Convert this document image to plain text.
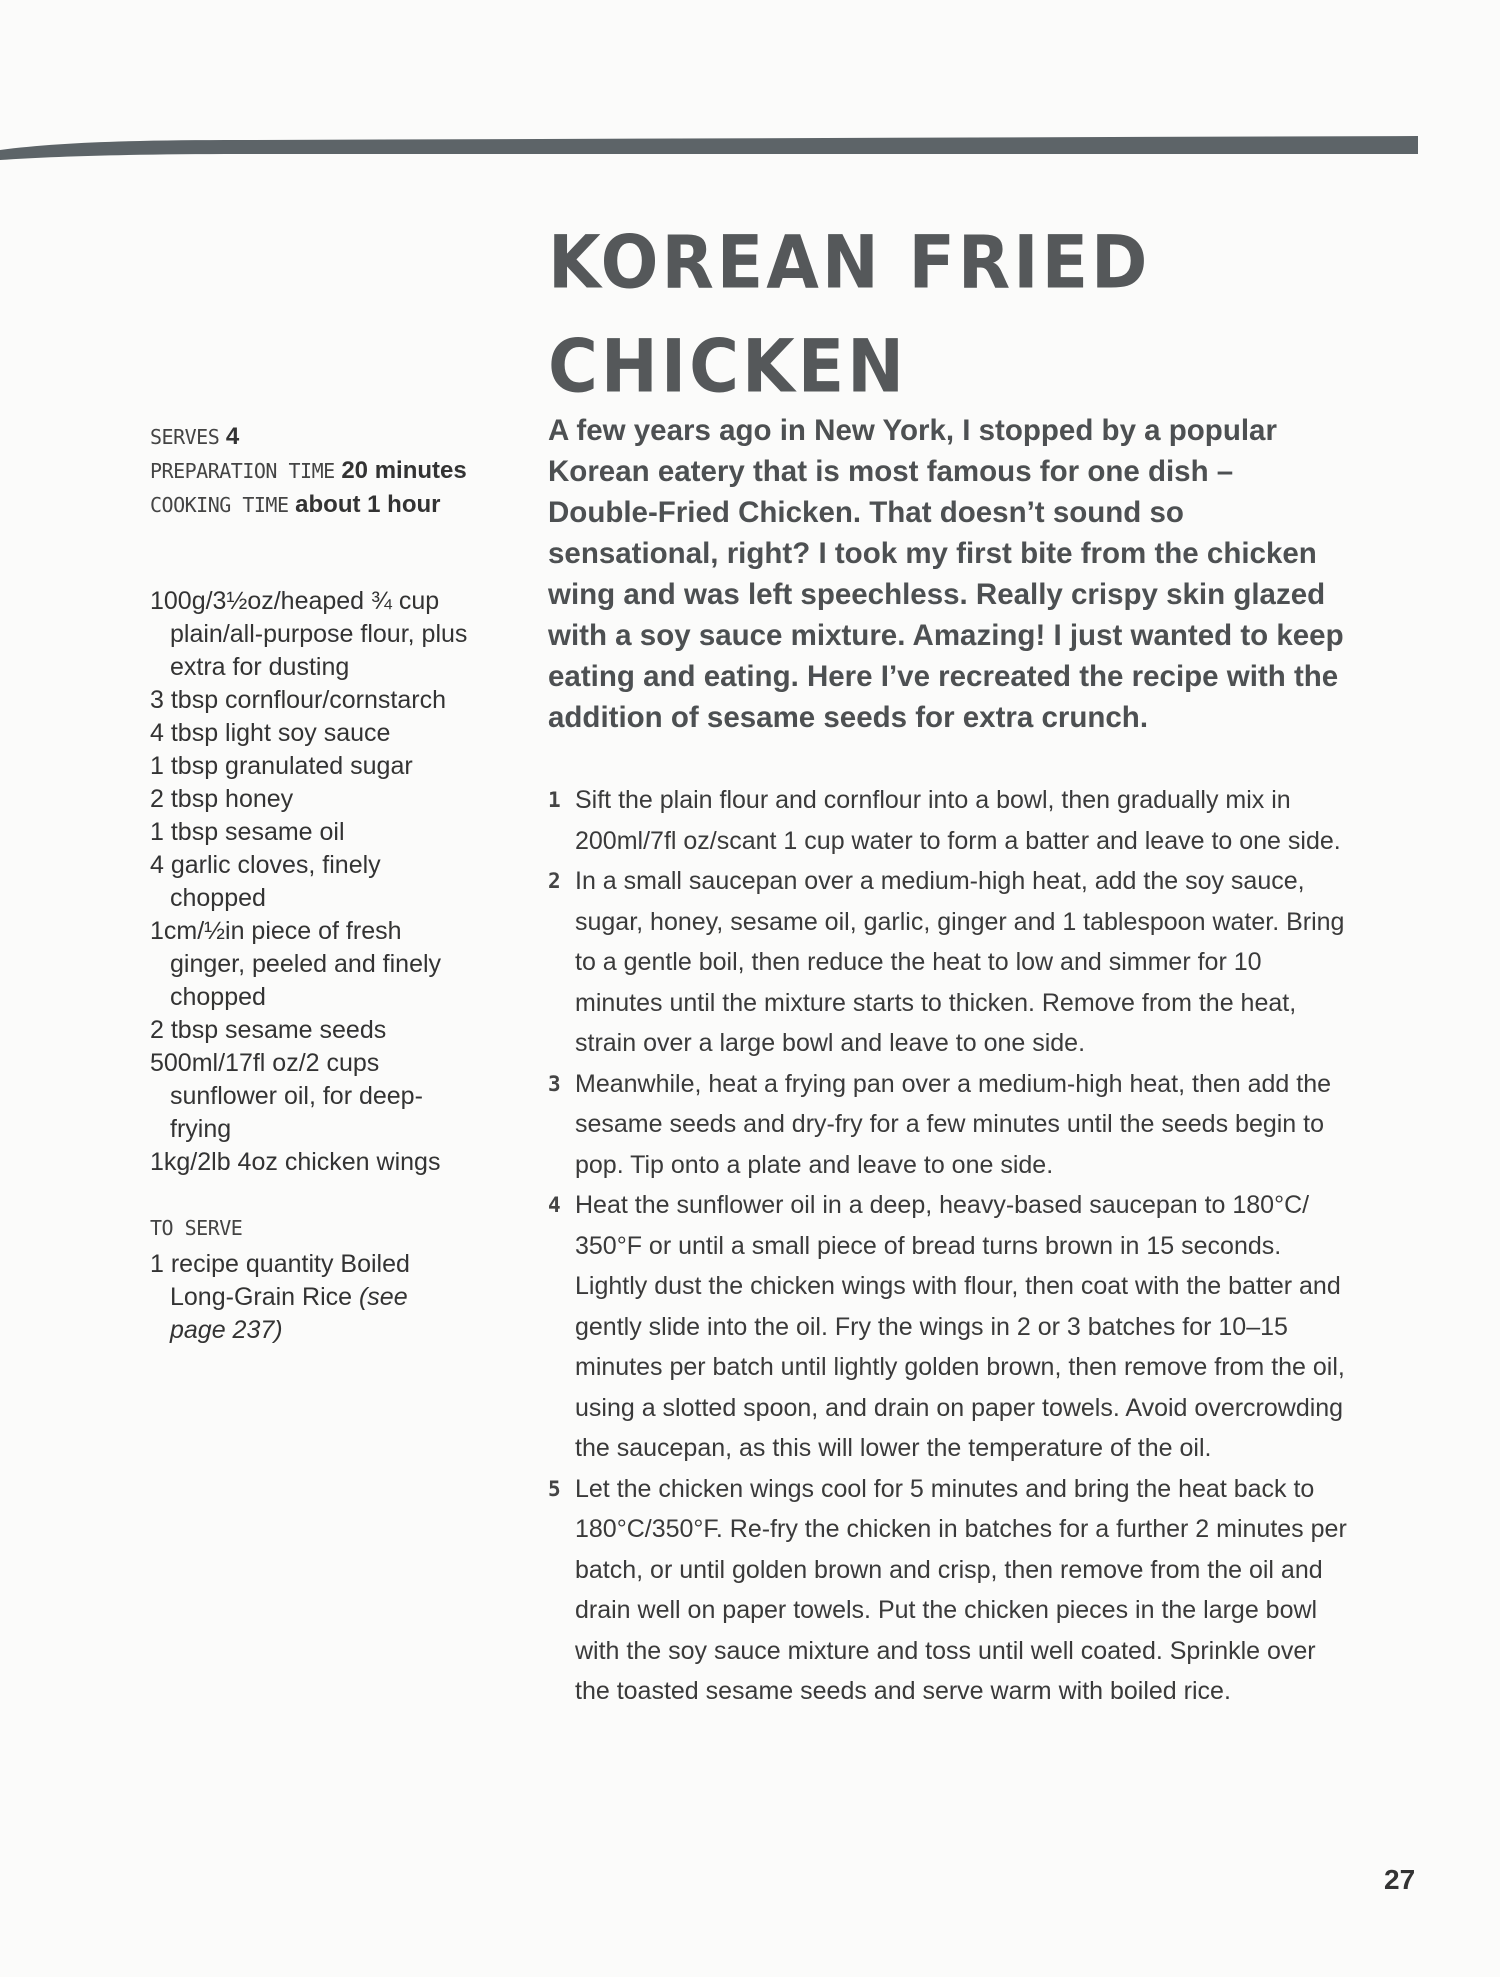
KOREAN FRIED
CHICKEN
SERVES 4
PREPARATION TIME 20 minutes
COOKING TIME about 1 hour
100g/3½oz/heaped ¾ cup plain/all-purpose flour, plus extra for dusting
3 tbsp cornflour/cornstarch
4 tbsp light soy sauce
1 tbsp granulated sugar
2 tbsp honey
1 tbsp sesame oil
4 garlic cloves, finely chopped
1cm/½in piece of fresh ginger, peeled and finely chopped
2 tbsp sesame seeds
500ml/17fl oz/2 cups sunflower oil, for deep-frying
1kg/2lb 4oz chicken wings
TO SERVE
1 recipe quantity Boiled Long-Grain Rice (see page 237)

A few years ago in New York, I stopped by a popular Korean eatery that is most famous for one dish – Double-Fried Chicken. That doesn’t sound so sensational, right? I took my first bite from the chicken wing and was left speechless. Really crispy skin glazed with a soy sauce mixture. Amazing! I just wanted to keep eating and eating. Here I’ve recreated the recipe with the addition of sesame seeds for extra crunch.

1 Sift the plain flour and cornflour into a bowl, then gradually mix in 200ml/7fl oz/scant 1 cup water to form a batter and leave to one side.
2 In a small saucepan over a medium-high heat, add the soy sauce, sugar, honey, sesame oil, garlic, ginger and 1 tablespoon water. Bring to a gentle boil, then reduce the heat to low and simmer for 10 minutes until the mixture starts to thicken. Remove from the heat, strain over a large bowl and leave to one side.
3 Meanwhile, heat a frying pan over a medium-high heat, then add the sesame seeds and dry-fry for a few minutes until the seeds begin to pop. Tip onto a plate and leave to one side.
4 Heat the sunflower oil in a deep, heavy-based saucepan to 180°C/ 350°F or until a small piece of bread turns brown in 15 seconds. Lightly dust the chicken wings with flour, then coat with the batter and gently slide into the oil. Fry the wings in 2 or 3 batches for 10–15 minutes per batch until lightly golden brown, then remove from the oil, using a slotted spoon, and drain on paper towels. Avoid overcrowding the saucepan, as this will lower the temperature of the oil.
5 Let the chicken wings cool for 5 minutes and bring the heat back to 180°C/350°F. Re-fry the chicken in batches for a further 2 minutes per batch, or until golden brown and crisp, then remove from the oil and drain well on paper towels. Put the chicken pieces in the large bowl with the soy sauce mixture and toss until well coated. Sprinkle over the toasted sesame seeds and serve warm with boiled rice.
27
